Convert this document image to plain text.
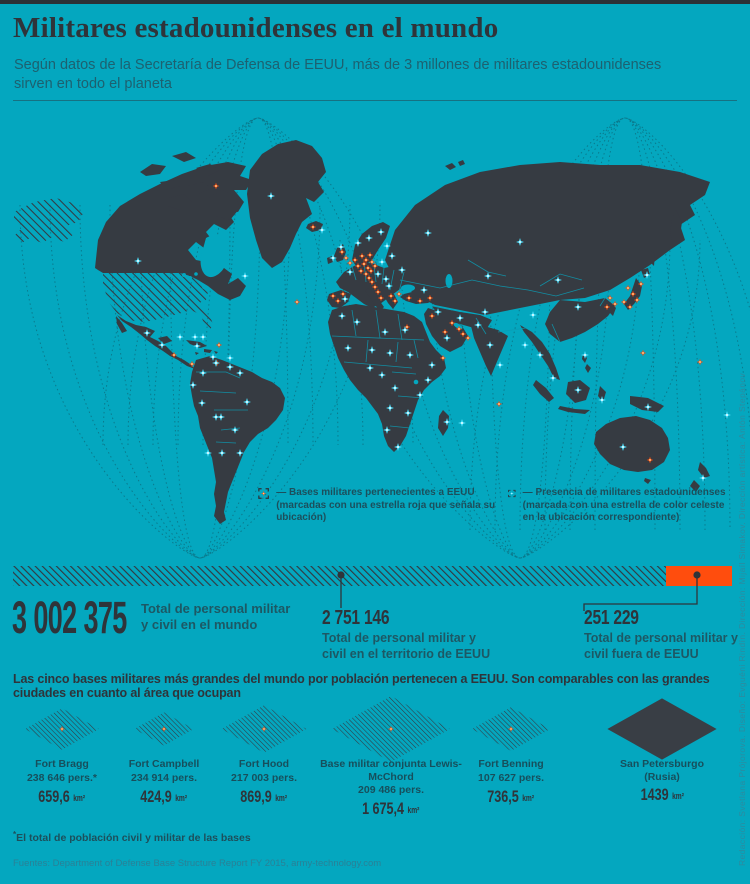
Militares estadounidenses en el mundo

Según datos de la Secretaría de Defensa de EEUU, más de 3 millones de militares estadounidenses sirven en todo el planeta

— Bases militares pertenecientes a EEUU
(marcadas con una estrella roja que señala su ubicación)
— Presencia de militares estadounidenses
(marcada con una estrella de color celeste en la ubicación correspondiente)
3 002 375	Total de personal militar y civil en el mundo	2 751 146
Total de personal militar y civil en el territorio de EEUU
251 229
Total de personal militar y civil fuera de EEUU
Las cinco bases militares más grandes del mundo por población pertenecen a EEUU. Son comparables con las grandes ciudades en cuanto al área que ocupan
Fort Bragg
238 646 pers.*
659,6 km²
Fort Campbell
234 914 pers.
424,9 km²
Fort Hood
217 003 pers.
869,9 km²
Base militar conjunta Lewis-McChord
209 486 pers.
1 675,4 km²
Fort Benning
107 627 pers.
736,5 km²
San Petersburgo
(Rusia)
1439 km²
*El total de población civil y militar de las bases
Fuentes: Department of Defense Base Structure Report FY 2015, army-technology.com	Redacción: Svetlana Prójorova. Diseño: Evguéni Rindín. Dirección: Mijaíl Simakov. Dirección artística: Antón Stepánov
